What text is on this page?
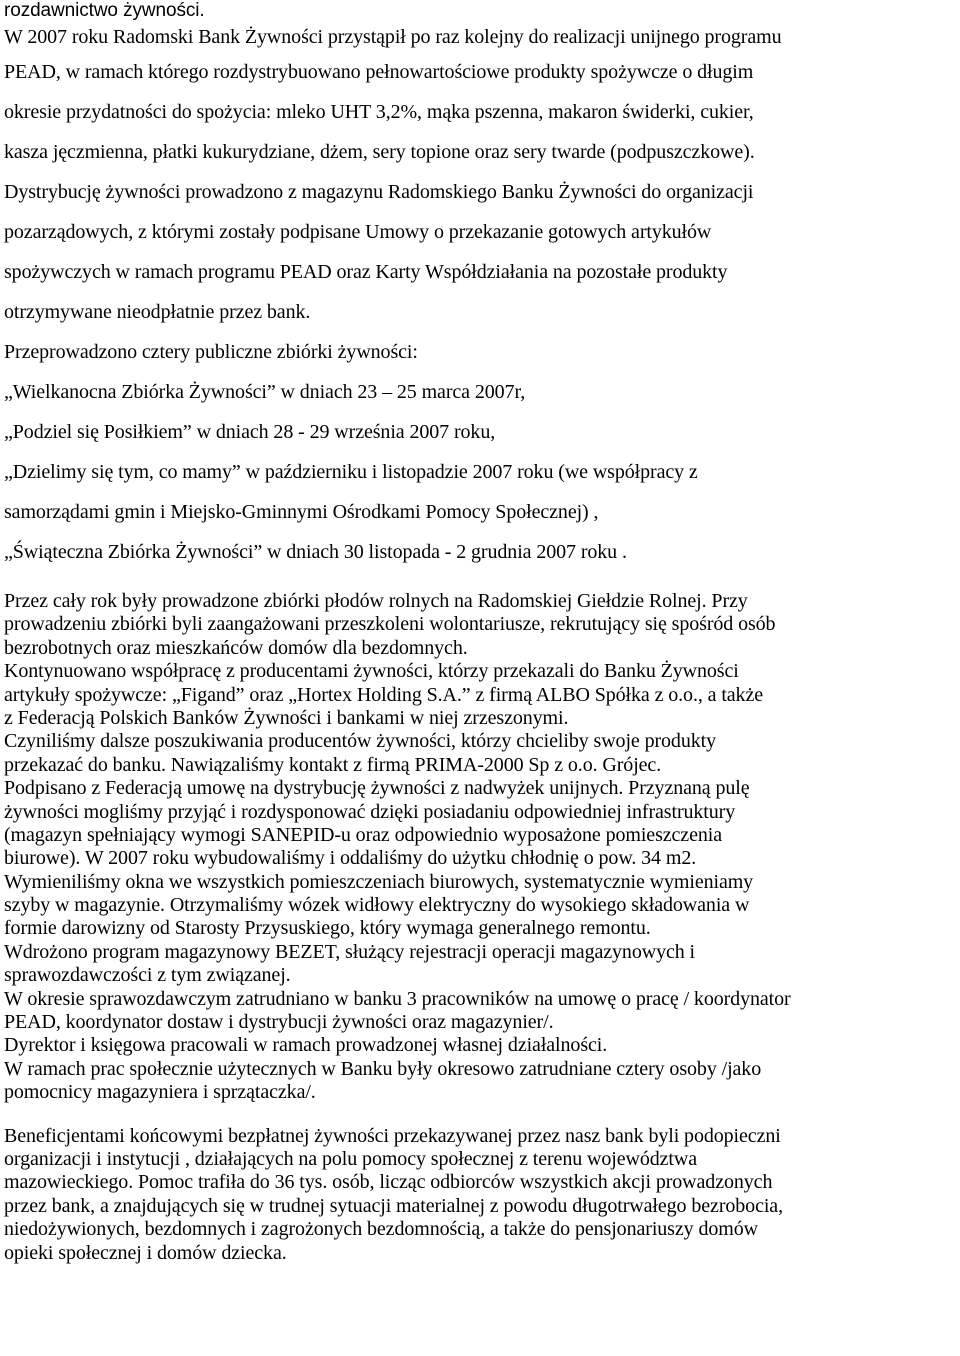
rozdawnictwo żywności.
W 2007 roku Radomski Bank Żywności przystąpił po raz kolejny do realizacji unijnego programu
PEAD, w ramach którego rozdystrybuowano pełnowartościowe produkty spożywcze o długim
okresie przydatności do spożycia: mleko UHT 3,2%, mąka pszenna, makaron świderki, cukier,
kasza jęczmienna, płatki kukurydziane, dżem, sery topione oraz sery twarde (podpuszczkowe).
Dystrybucję żywności prowadzono z magazynu Radomskiego Banku Żywności do organizacji
pozarządowych, z którymi zostały podpisane Umowy o przekazanie gotowych artykułów
spożywczych w ramach programu PEAD oraz Karty Współdziałania na pozostałe produkty
otrzymywane nieodpłatnie przez bank.
Przeprowadzono cztery publiczne zbiórki żywności:
„Wielkanocna Zbiórka Żywności” w dniach 23 – 25 marca 2007r,
„Podziel się Posiłkiem” w dniach 28 - 29 września 2007 roku,
„Dzielimy się tym, co mamy” w październiku i listopadzie 2007 roku (we współpracy z
samorządami gmin i Miejsko-Gminnymi Ośrodkami Pomocy Społecznej) ,
„Świąteczna Zbiórka Żywności” w dniach 30 listopada - 2 grudnia 2007 roku .
Przez cały rok były prowadzone zbiórki płodów rolnych na Radomskiej Giełdzie Rolnej. Przy
prowadzeniu zbiórki byli zaangażowani przeszkoleni wolontariusze, rekrutujący się spośród osób
bezrobotnych oraz mieszkańców domów dla bezdomnych.
Kontynuowano współpracę z producentami żywności, którzy przekazali do Banku Żywności
artykuły spożywcze: „Figand” oraz „Hortex Holding S.A.” z firmą ALBO Spółka z o.o., a także
z Federacją Polskich Banków Żywności i bankami w niej zrzeszonymi.
Czyniliśmy dalsze poszukiwania producentów żywności, którzy chcieliby swoje produkty
przekazać do banku. Nawiązaliśmy kontakt z firmą PRIMA-2000 Sp z o.o. Grójec.
Podpisano z Federacją umowę na dystrybucję żywności z nadwyżek unijnych. Przyznaną pulę
żywności mogliśmy przyjąć i rozdysponować dzięki posiadaniu odpowiedniej infrastruktury
(magazyn spełniający wymogi SANEPID-u oraz odpowiednio wyposażone pomieszczenia
biurowe). W 2007 roku wybudowaliśmy i oddaliśmy do użytku chłodnię o pow. 34 m2.
Wymieniliśmy okna we wszystkich pomieszczeniach biurowych, systematycznie wymieniamy
szyby w magazynie. Otrzymaliśmy wózek widłowy elektryczny do wysokiego składowania w
formie darowizny od Starosty Przysuskiego, który wymaga generalnego remontu.
Wdrożono program magazynowy BEZET, służący rejestracji operacji magazynowych i
sprawozdawczości z tym związanej.
W okresie sprawozdawczym zatrudniano w banku 3 pracowników na umowę o pracę / koordynator
PEAD, koordynator dostaw i dystrybucji żywności oraz magazynier/.
Dyrektor i księgowa pracowali w ramach prowadzonej własnej działalności.
W ramach prac społecznie użytecznych w Banku były okresowo zatrudniane cztery osoby /jako
pomocnicy magazyniera i sprzątaczka/.
Beneficjentami końcowymi bezpłatnej żywności przekazywanej przez nasz bank byli podopieczni
organizacji i instytucji , działających na polu pomocy społecznej z terenu województwa
mazowieckiego. Pomoc trafiła do 36 tys. osób, licząc odbiorców wszystkich akcji prowadzonych
przez bank, a znajdujących się w trudnej sytuacji materialnej z powodu długotrwałego bezrobocia,
niedożywionych, bezdomnych i zagrożonych bezdomnością, a także do pensjonariuszy domów
opieki społecznej i domów dziecka.
